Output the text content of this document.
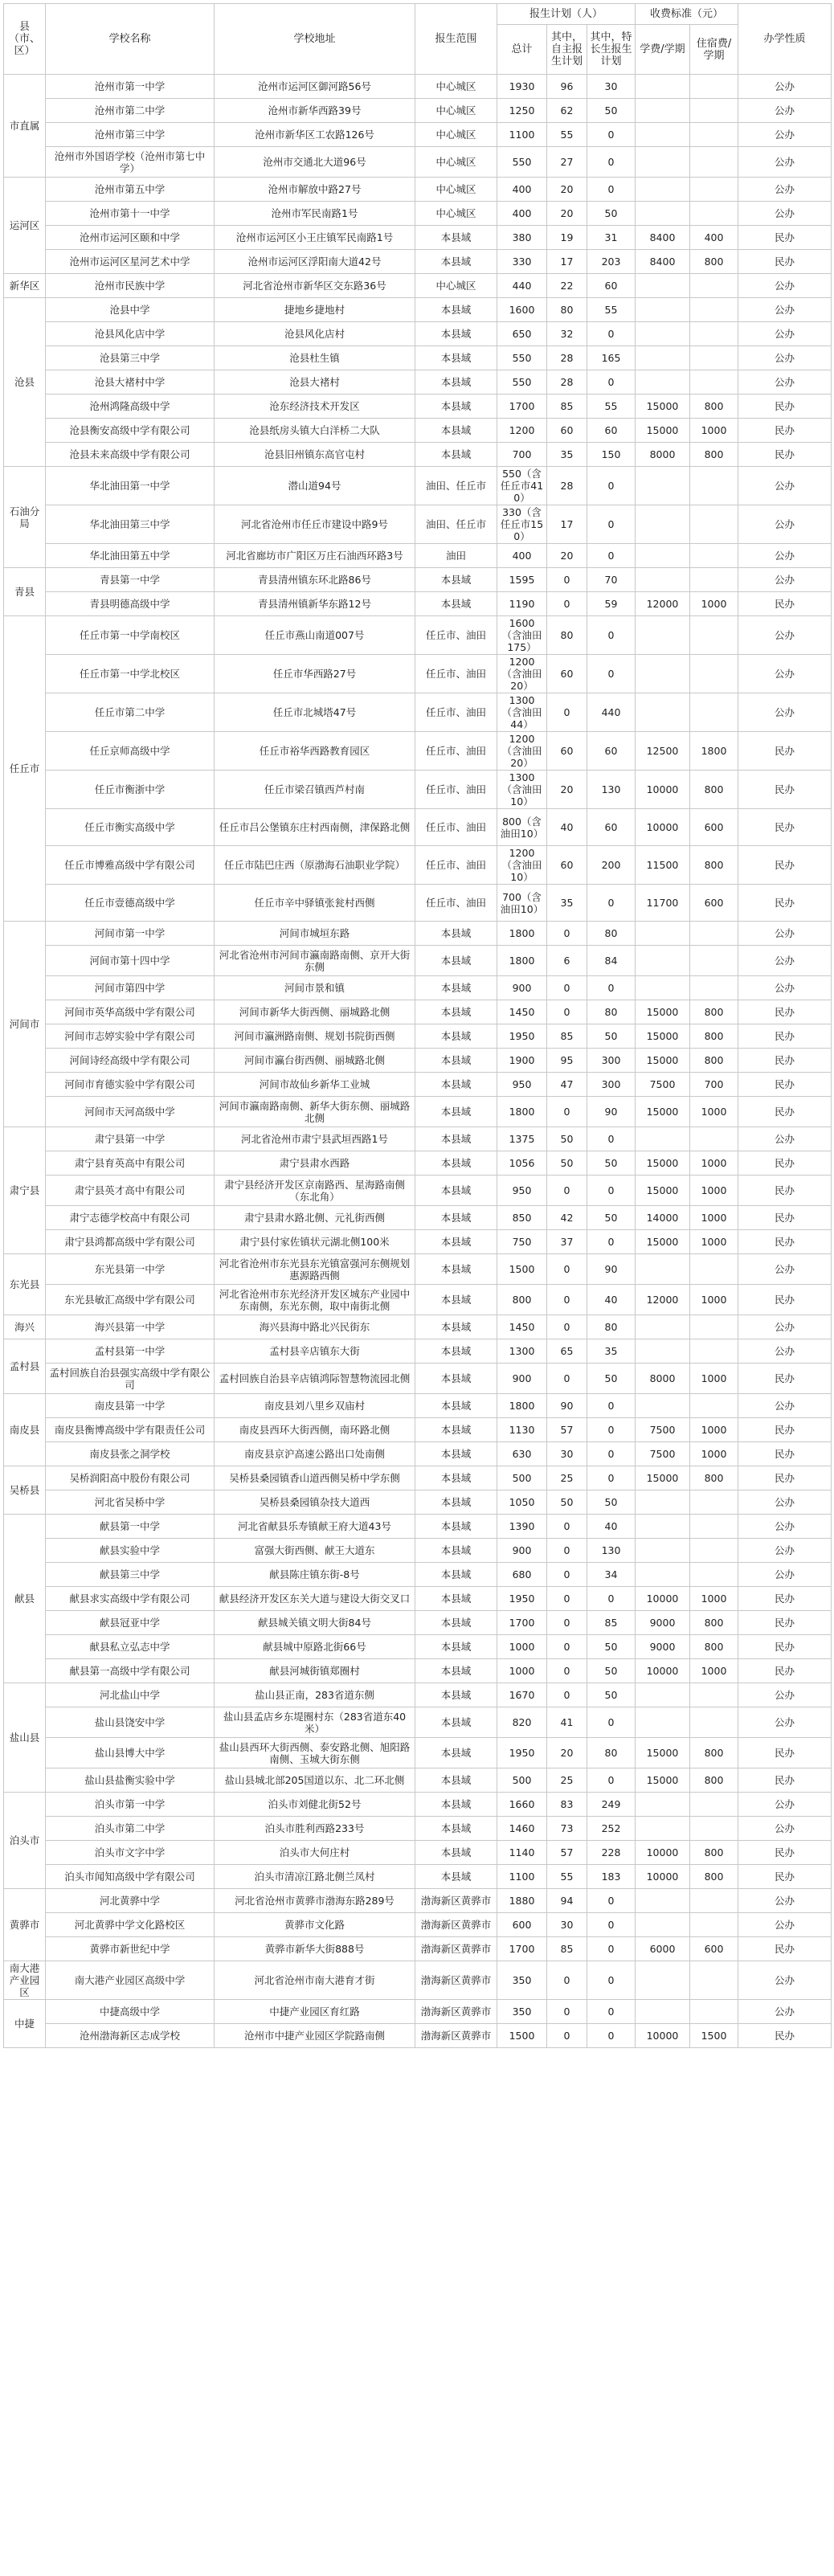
县（市、区）	学校名称	学校地址	报生范围	报生计划（人）			收费标准（元）		办学性质
				总计	其中，自主报生计划	其中，特长生报生计划	学费/学期	住宿费/学期	
市直属	沧州市第一中学	沧州市运河区御河路56号	中心城区	1930	96	30			公办
	沧州市第二中学	沧州市新华西路39号	中心城区	1250	62	50			公办
	沧州市第三中学	沧州市新华区工农路126号	中心城区	1100	55	0			公办
	沧州市外国语学校（沧州市第七中学）	沧州市交通北大道96号	中心城区	550	27	0			公办
运河区	沧州市第五中学	沧州市解放中路27号	中心城区	400	20	0			公办
	沧州市第十一中学	沧州市军民南路1号	中心城区	400	20	50			公办
	沧州市运河区颐和中学	沧州市运河区小王庄镇军民南路1号	本县域	380	19	31	8400	400	民办
	沧州市运河区星河艺术中学	沧州市运河区浮阳南大道42号	本县域	330	17	203	8400	800	民办
新华区	沧州市民族中学	河北省沧州市新华区交东路36号	中心城区	440	22	60			公办
沧县	沧县中学	捷地乡捷地村	本县域	1600	80	55			公办
	沧县风化店中学	沧县风化店村	本县域	650	32	0			公办
	沧县第三中学	沧县杜生镇	本县域	550	28	165			公办
	沧县大褚村中学	沧县大褚村	本县域	550	28	0			公办
	沧州鸿隆高级中学	沧东经济技术开发区	本县域	1700	85	55	15000	800	民办
	沧县衡安高级中学有限公司	沧县纸房头镇大白洋桥二大队	本县域	1200	60	60	15000	1000	民办
	沧县未来高级中学有限公司	沧县旧州镇东高官屯村	本县域	700	35	150	8000	800	民办
石油分局	华北油田第一中学	潜山道94号	油田、任丘市	550（含任丘市410）	28	0			公办
	华北油田第三中学	河北省沧州市任丘市建设中路9号	油田、任丘市	330（含任丘市150）	17	0			公办
	华北油田第五中学	河北省廊坊市广阳区万庄石油西环路3号	油田	400	20	0			公办
青县	青县第一中学	青县清州镇东环北路86号	本县域	1595	0	70			公办
	青县明德高级中学	青县清州镇新华东路12号	本县域	1190	0	59	12000	1000	民办
任丘市	任丘市第一中学南校区	任丘市燕山南道007号	任丘市、油田	1600（含油田175）	80	0			公办
	任丘市第一中学北校区	任丘市华西路27号	任丘市、油田	1200（含油田20）	60	0			公办
	任丘市第二中学	任丘市北城塔47号	任丘市、油田	1300（含油田44）	0	440			公办
	任丘京师高级中学	任丘市裕华西路教育园区	任丘市、油田	1200（含油田20）	60	60	12500	1800	民办
	任丘市衡浙中学	任丘市梁召镇西芦村南	任丘市、油田	1300（含油田10）	20	130	10000	800	民办
	任丘市衡实高级中学	任丘市吕公堡镇东庄村西南侧，津保路北侧	任丘市、油田	800（含油田10）	40	60	10000	600	民办
	任丘市博雅高级中学有限公司	任丘市陆巴庄西（原渤海石油职业学院）	任丘市、油田	1200（含油田10）	60	200	11500	800	民办
	任丘市壹德高级中学	任丘市辛中驿镇张瓮村西侧	任丘市、油田	700（含油田10）	35	0	11700	600	民办
河间市	河间市第一中学	河间市城垣东路	本县域	1800	0	80			公办
	河间市第十四中学	河北省沧州市河间市瀛南路南侧、京开大街东侧	本县域	1800	6	84			公办
	河间市第四中学	河间市景和镇	本县域	900	0	0			公办
	河间市英华高级中学有限公司	河间市新华大街西侧、丽城路北侧	本县域	1450	0	80	15000	800	民办
	河间市志婷实验中学有限公司	河间市瀛洲路南侧、规划书院街西侧	本县域	1950	85	50	15000	800	民办
	河间诗经高级中学有限公司	河间市瀛台街西侧、丽城路北侧	本县域	1900	95	300	15000	800	民办
	河间市育德实验中学有限公司	河间市故仙乡新华工业城	本县域	950	47	300	7500	700	民办
	河间市天河高级中学	河间市瀛南路南侧、新华大街东侧、丽城路北侧	本县域	1800	0	90	15000	1000	民办
肃宁县	肃宁县第一中学	河北省沧州市肃宁县武垣西路1号	本县域	1375	50	0			公办
	肃宁县育英高中有限公司	肃宁县肃水西路	本县域	1056	50	50	15000	1000	民办
	肃宁县英才高中有限公司	肃宁县经济开发区京南路西、星海路南侧（东北角）	本县域	950	0	0	15000	1000	民办
	肃宁志德学校高中有限公司	肃宁县肃水路北侧、元礼街西侧	本县域	850	42	50	14000	1000	民办
	肃宁县鸿都高级中学有限公司	肃宁县付家佐镇状元湖北侧100米	本县域	750	37	0	15000	1000	民办
东光县	东光县第一中学	河北省沧州市东光县东光镇富强河东侧规划惠源路西侧	本县域	1500	0	90			公办
	东光县敏汇高级中学有限公司	河北省沧州市东光经济开发区城东产业园中东南侧，东光东侧，取中南街北侧	本县域	800	0	40	12000	1000	民办
海兴	海兴县第一中学	海兴县海中路北兴民街东	本县域	1450	0	80			公办
孟村县	孟村县第一中学	孟村县辛店镇东大街	本县域	1300	65	35			公办
	孟村回族自治县强实高级中学有限公司	孟村回族自治县辛店镇鸿际智慧物流园北侧	本县域	900	0	50	8000	1000	民办
南皮县	南皮县第一中学	南皮县刘八里乡双庙村	本县域	1800	90	0			公办
	南皮县衡博高级中学有限责任公司	南皮县西环大街西侧，南环路北侧	本县域	1130	57	0	7500	1000	民办
	南皮县张之洞学校	南皮县京沪高速公路出口处南侧	本县域	630	30	0	7500	1000	民办
吴桥县	吴桥润阳高中股份有限公司	吴桥县桑园镇香山道西侧吴桥中学东侧	本县域	500	25	0	15000	800	民办
	河北省吴桥中学	吴桥县桑园镇杂技大道西	本县域	1050	50	50			公办
献县	献县第一中学	河北省献县乐寿镇献王府大道43号	本县域	1390	0	40			公办
	献县实验中学	富强大街西侧、献王大道东	本县域	900	0	130			公办
	献县第三中学	献县陈庄镇东街-8号	本县域	680	0	34			公办
	献县求实高级中学有限公司	献县经济开发区东关大道与建设大街交叉口	本县域	1950	0	0	10000	1000	民办
	献县冠亚中学	献县城关镇文明大街84号	本县域	1700	0	85	9000	800	民办
	献县私立弘志中学	献县城中原路北街66号	本县域	1000	0	50	9000	800	民办
	献县第一高级中学有限公司	献县河城街镇郑圈村	本县域	1000	0	50	10000	1000	民办
盐山县	河北盐山中学	盐山县正南，283省道东侧	本县域	1670	0	50			公办
	盐山县饶安中学	盐山县孟店乡东堤圈村东（283省道东40米）	本县域	820	41	0			公办
	盐山县博大中学	盐山县西环大街西侧、泰安路北侧、旭阳路南侧、玉城大街东侧	本县域	1950	20	80	15000	800	民办
	盐山县盐衡实验中学	盐山县城北部205国道以东、北二环北侧	本县域	500	25	0	15000	800	民办
泊头市	泊头市第一中学	泊头市刘健北街52号	本县域	1660	83	249			公办
	泊头市第二中学	泊头市胜利西路233号	本县域	1460	73	252			公办
	泊头市文字中学	泊头市大何庄村	本县域	1140	57	228	10000	800	民办
	泊头市闻知高级中学有限公司	泊头市清凉江路北侧兰凤村	本县域	1100	55	183	10000	800	民办
黄骅市	河北黄骅中学	河北省沧州市黄骅市渤海东路289号	渤海新区黄骅市	1880	94	0			公办
	河北黄骅中学文化路校区	黄骅市文化路	渤海新区黄骅市	600	30	0			公办
	黄骅市新世纪中学	黄骅市新华大街888号	渤海新区黄骅市	1700	85	0	6000	600	民办
南大港产业园区	南大港产业园区高级中学	河北省沧州市南大港育才街	渤海新区黄骅市	350	0	0			公办
中捷	中捷高级中学	中捷产业园区育红路	渤海新区黄骅市	350	0	0			公办
	沧州渤海新区志成学校	沧州市中捷产业园区学院路南侧	渤海新区黄骅市	1500	0	0	10000	1500	民办
